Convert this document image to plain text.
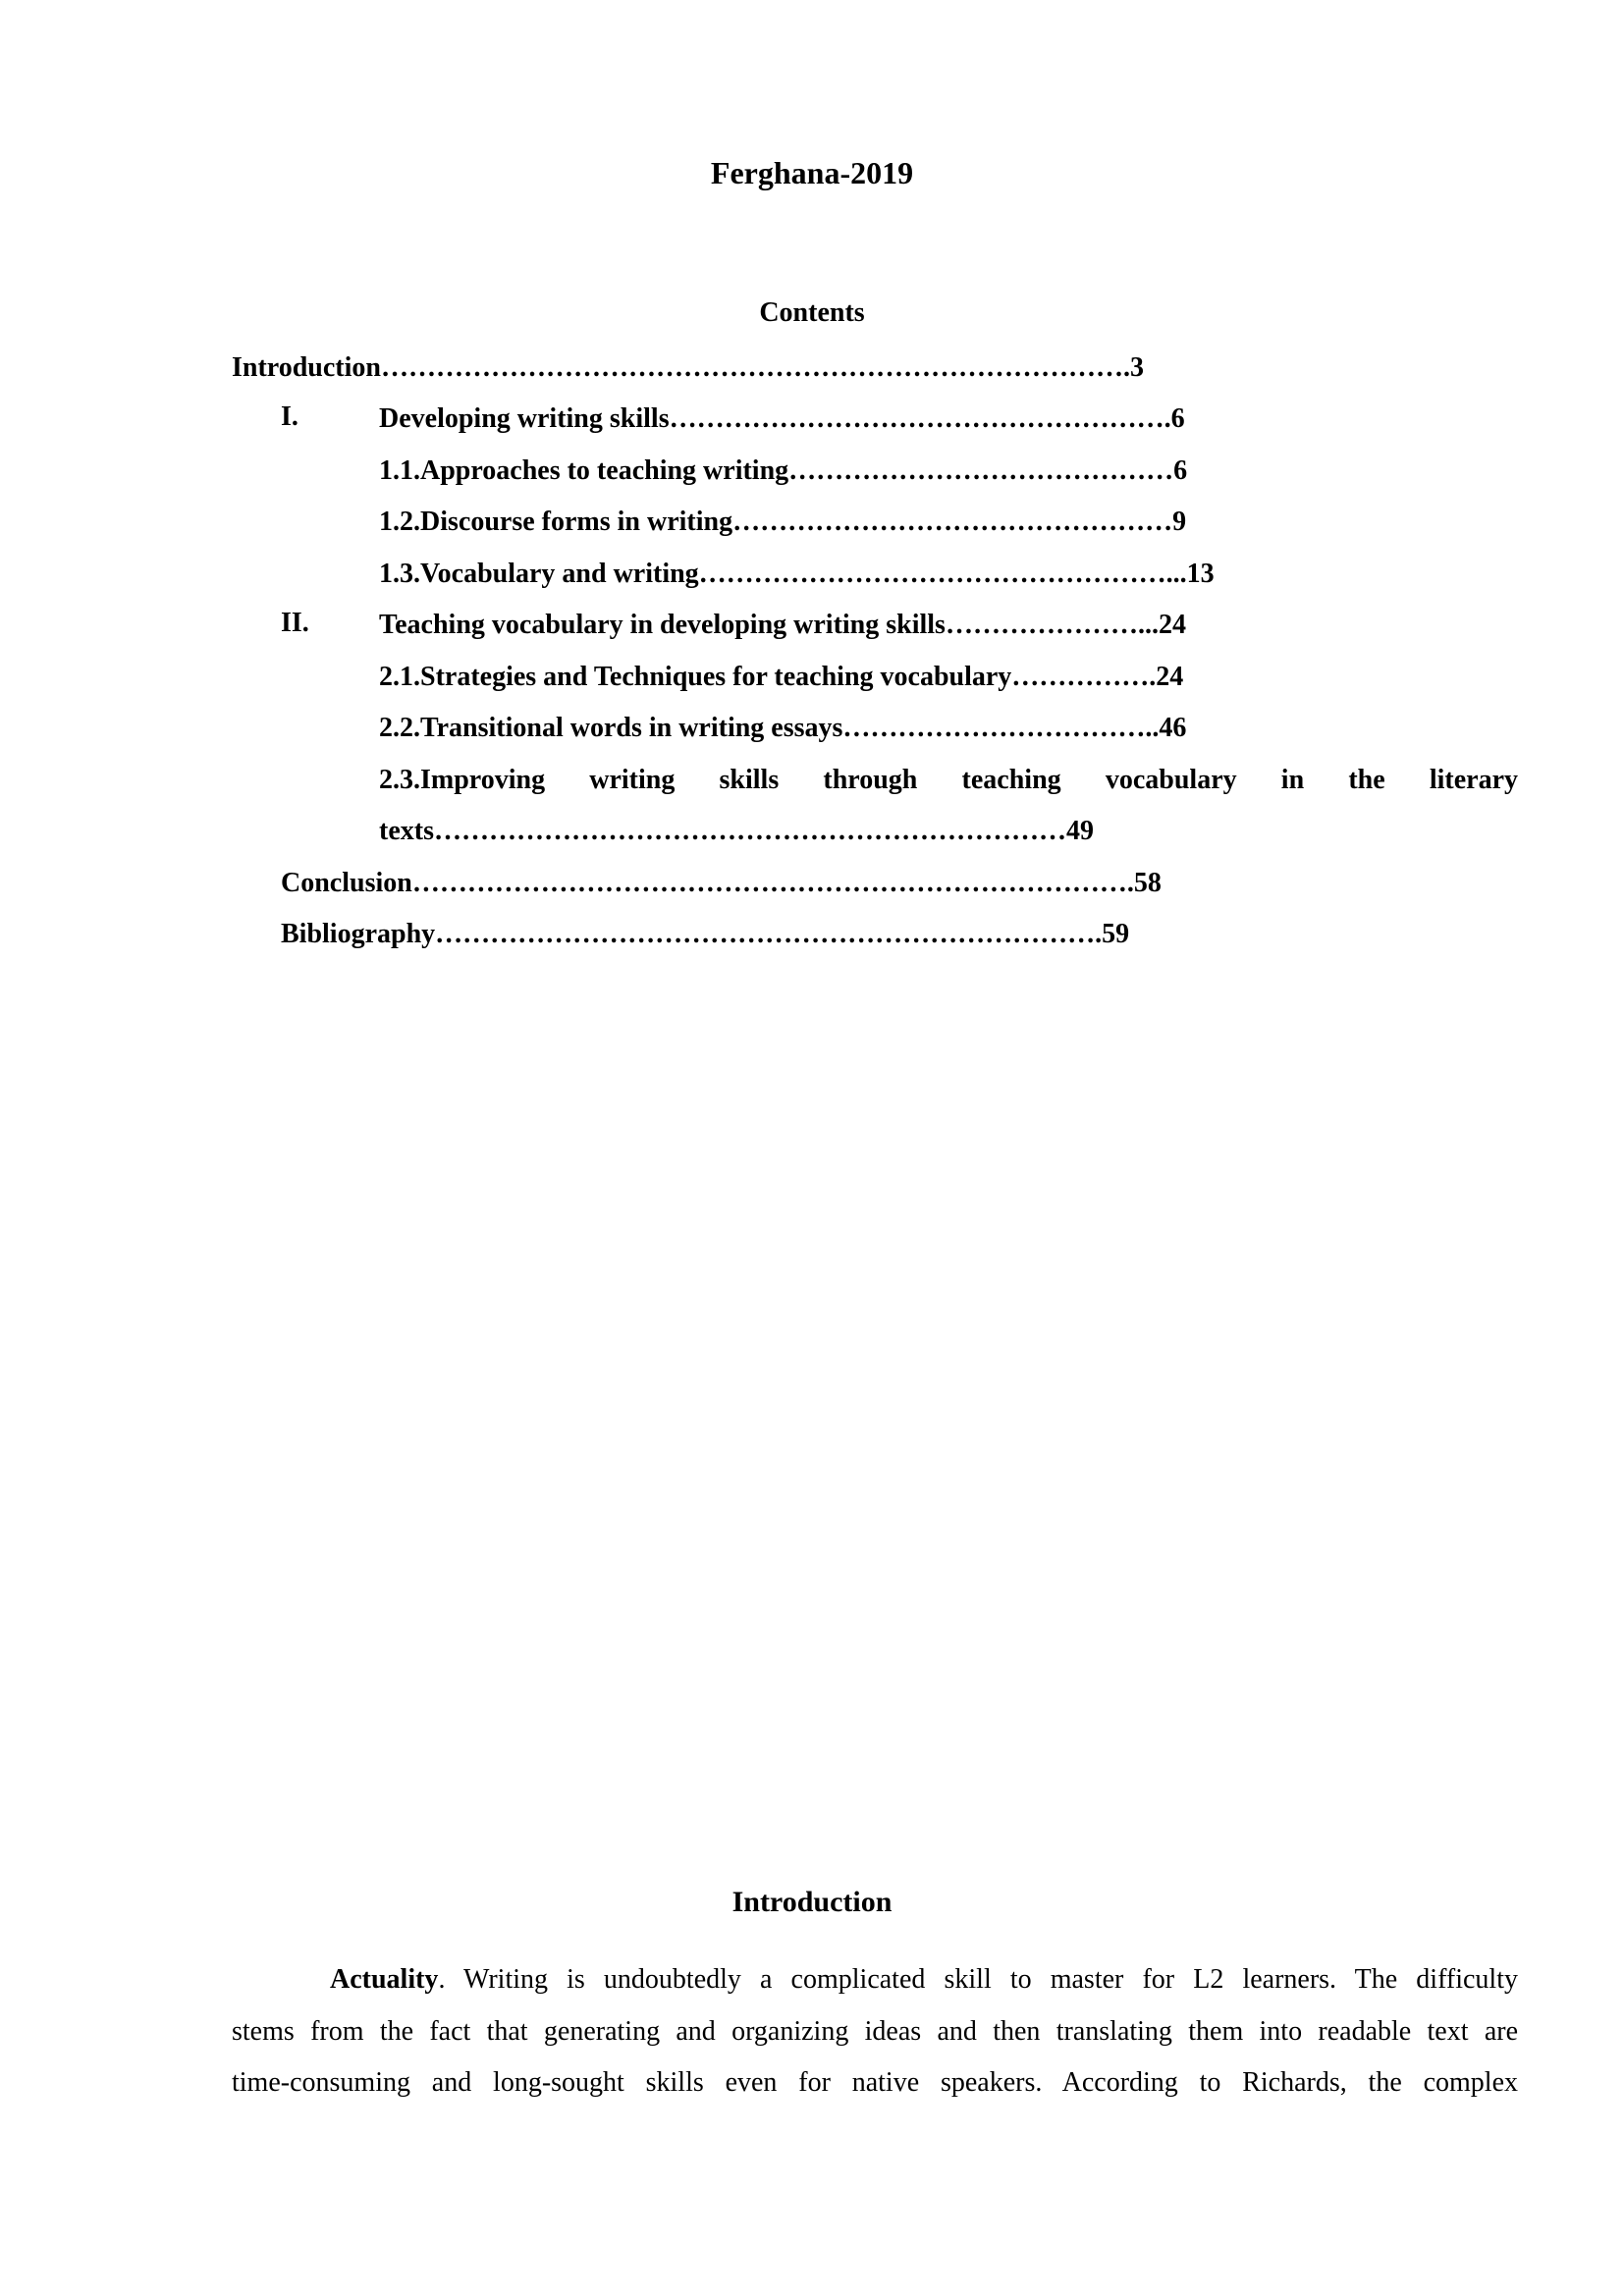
Ferghana-2019
Contents
Introduction……………………………………………………………………….3
I.	Developing writing skills……………………………………………….6
1.1.Approaches to teaching writing……………………………………6
1.2.Discourse forms in writing…………………………………………9
1.3.Vocabulary and writing……………………………………………...13
II.	Teaching vocabulary in developing writing skills…………………...24
2.1.Strategies and Techniques for teaching vocabulary…………….24
2.2.Transitional words in writing essays……………………………..46
2.3.Improving writing skills through teaching vocabulary in the literary
texts……………………………………………………………49
Conclusion…………………………………………………………………….58
Bibliography……………………………………………………………….59
Introduction
Actuality. Writing is undoubtedly a complicated skill to master for L2 learners. The difficulty
stems from the fact that generating and organizing ideas and then translating them into readable text are
time-consuming and long-sought skills even for native speakers. According to Richards, the complex
